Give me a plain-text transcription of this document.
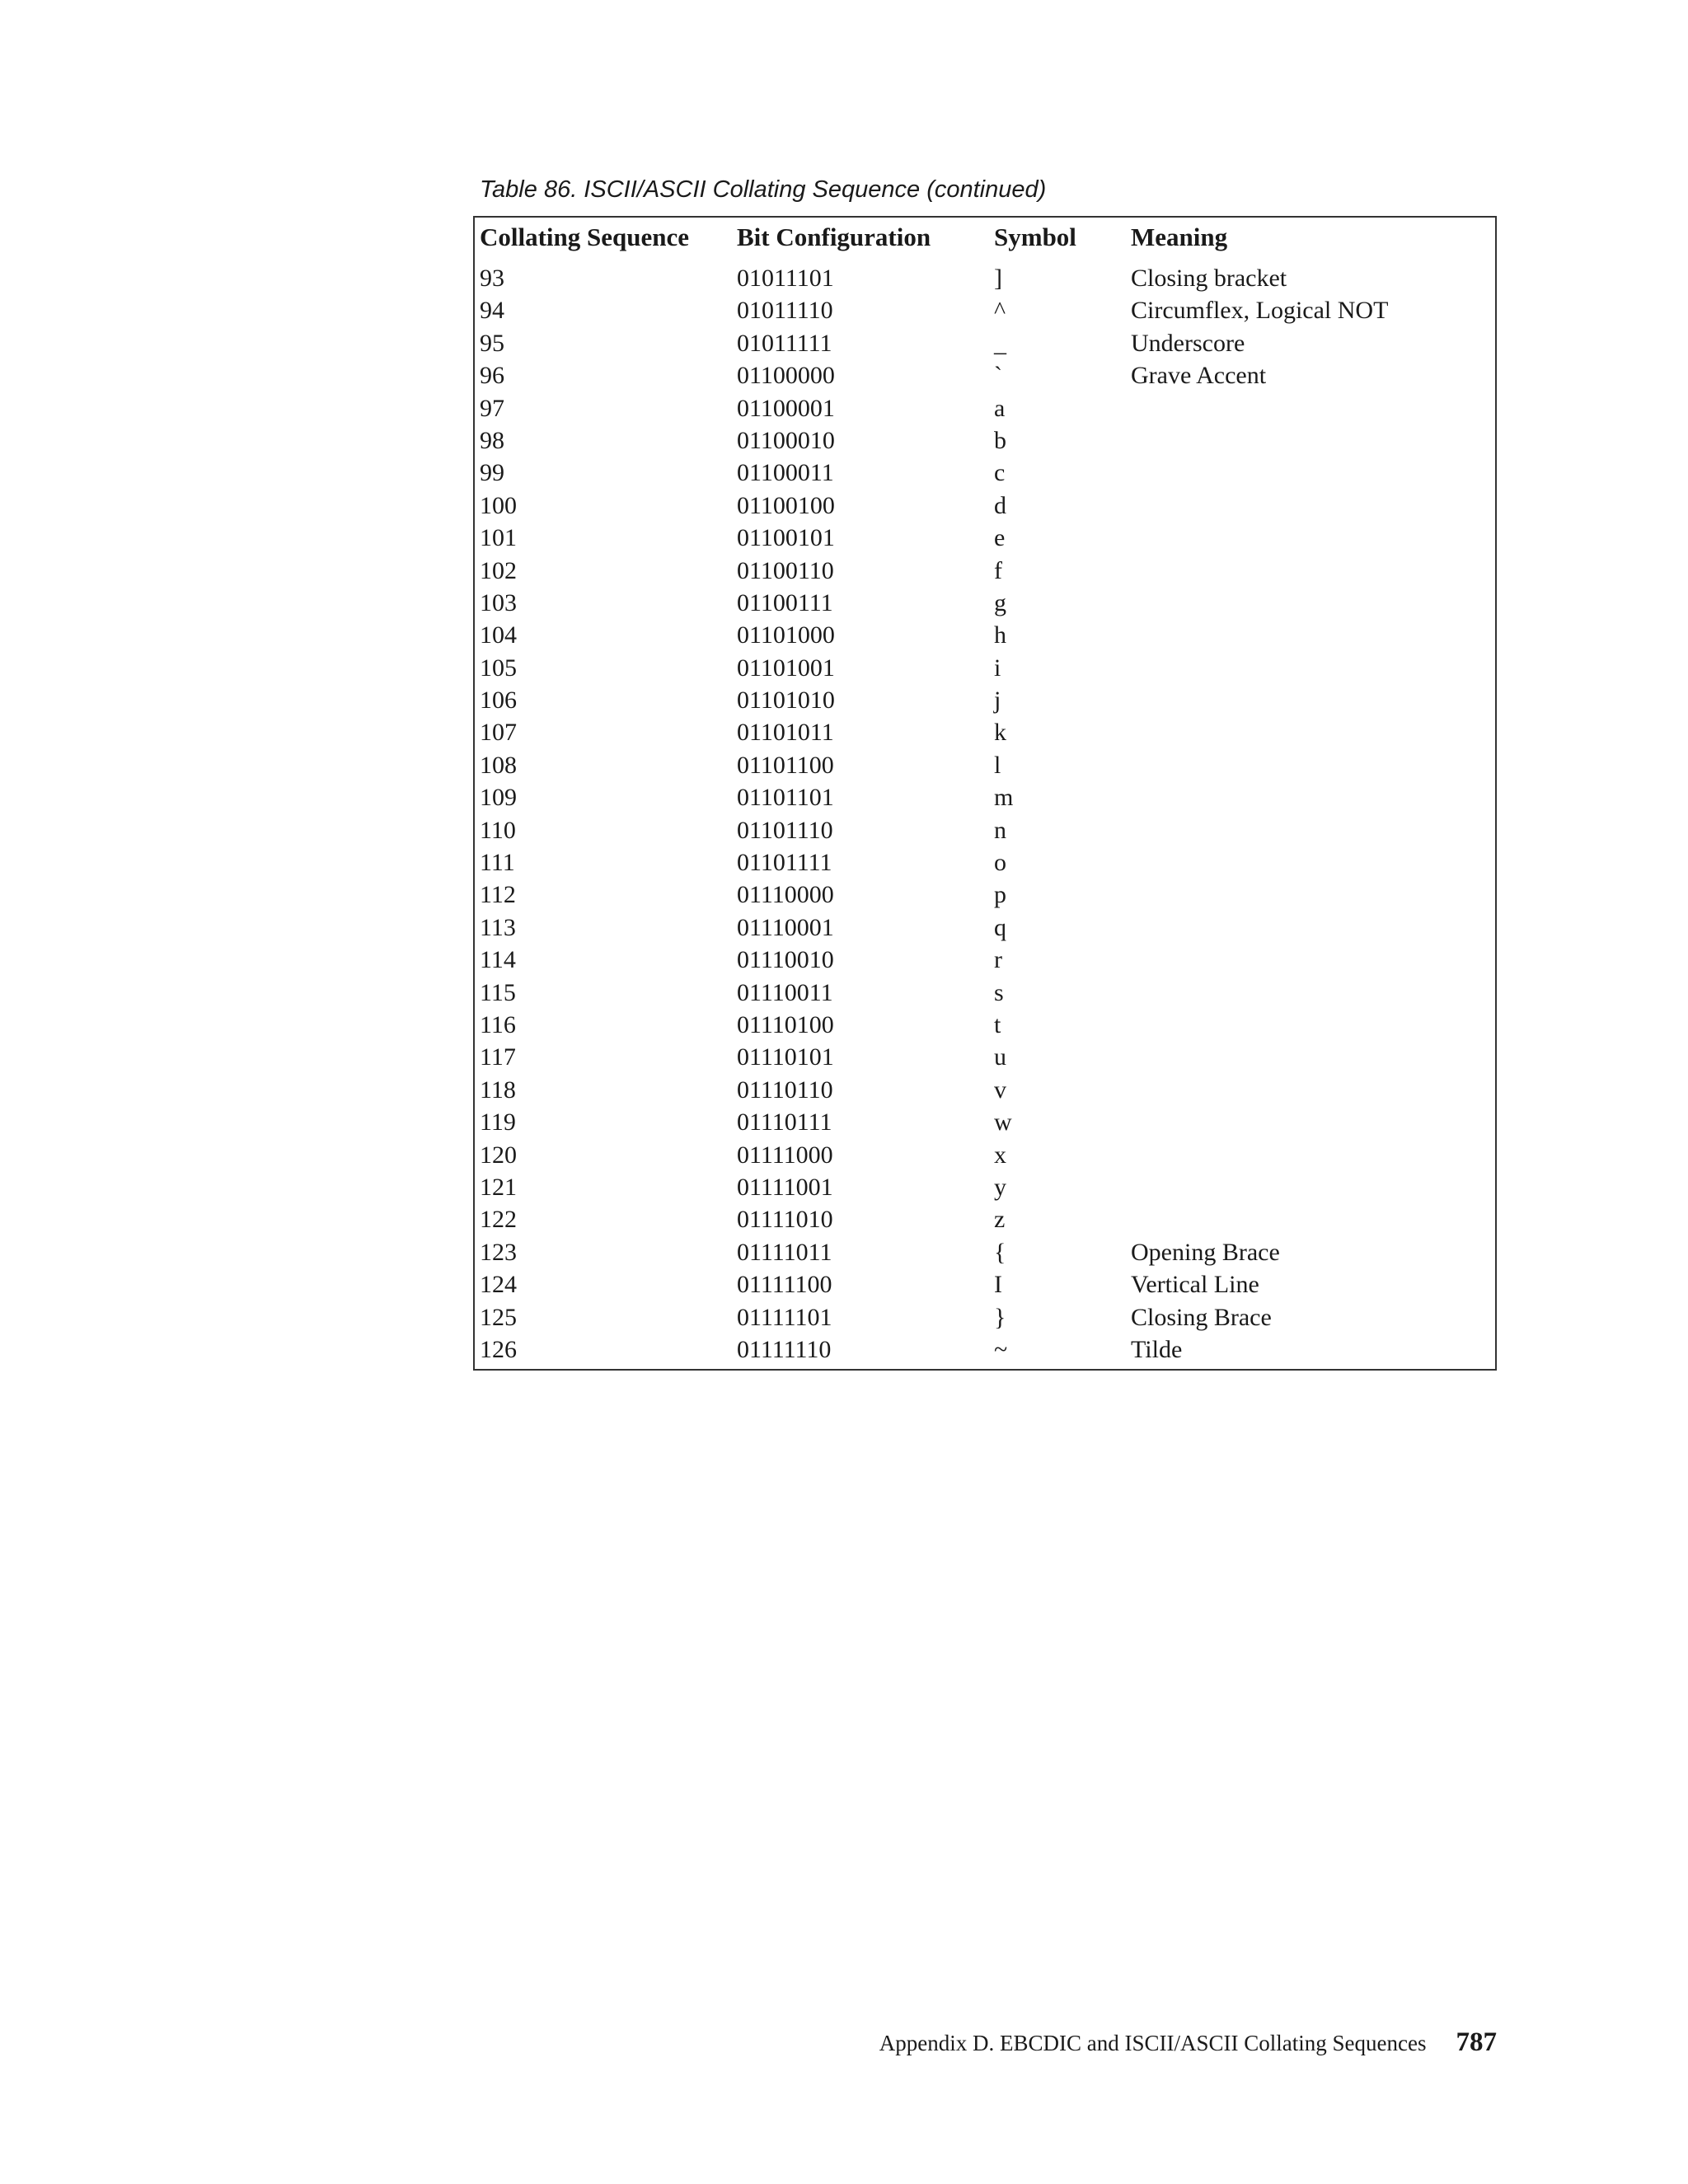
Table 86. ISCII/ASCII Collating Sequence (continued)
Collating Sequence Bit Configuration Symbol Meaning
93	01011101	]	Closing bracket
94	01011110	^	Circumflex, Logical NOT
95	01011111	_	Underscore
96	01100000	`	Grave Accent
97	01100001	a
98	01100010	b
99	01100011	c
100	01100100	d
101	01100101	e
102	01100110	f
103	01100111	g
104	01101000	h
105	01101001	i
106	01101010	j
107	01101011	k
108	01101100	l
109	01101101	m
110	01101110	n
111	01101111	o
112	01110000	p
113	01110001	q
114	01110010	r
115	01110011	s
116	01110100	t
117	01110101	u
118	01110110	v
119	01110111	w
120	01111000	x
121	01111001	y
122	01111010	z
123	01111011	{	Opening Brace
124	01111100	I	Vertical Line
125	01111101	}	Closing Brace
126	01111110	~	Tilde
Appendix D. EBCDIC and ISCII/ASCII Collating Sequences 787
